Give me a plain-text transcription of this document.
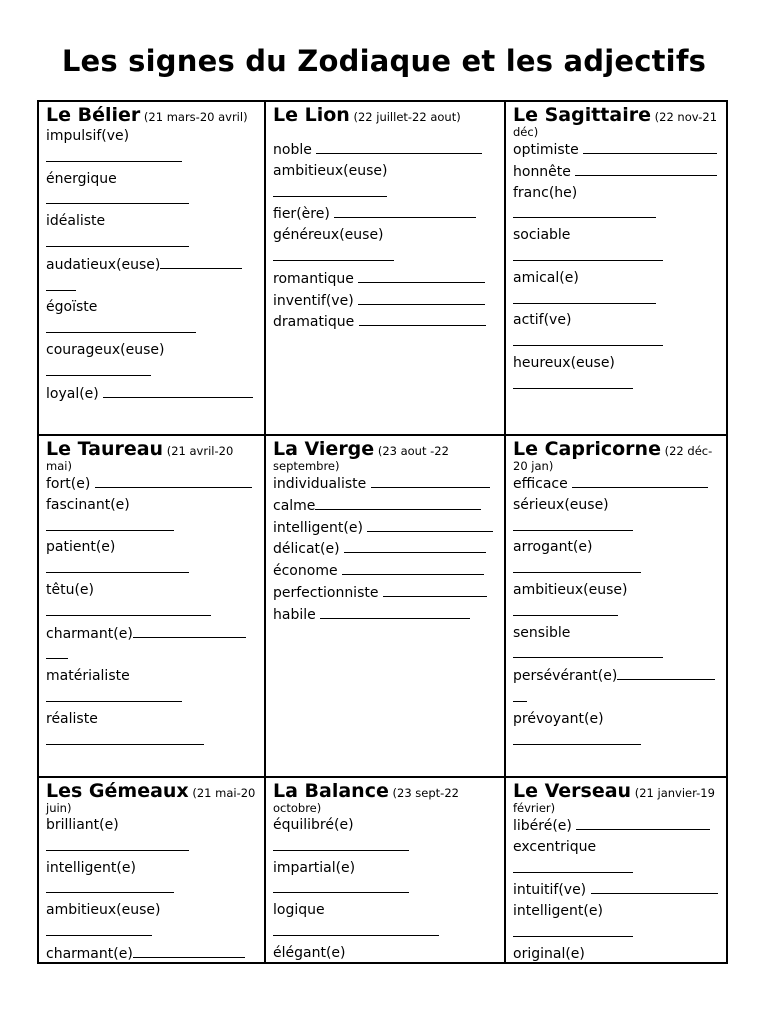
Les signes du Zodiaque et les adjectifs
Le Bélier (21 mars-20 avril)
impulsif(ve)
énergique
idéaliste
audatieux(euse)
égoïste
courageux(euse)
loyal(e)
Le Lion (22 juillet-22 aout)
noble
ambitieux(euse)
fier(ère)
généreux(euse)
romantique
inventif(ve)
dramatique
Le Sagittaire (22 nov-21 déc)
optimiste
honnête
franc(he)
sociable
amical(e)
actif(ve)
heureux(euse)
Le Taureau (21 avril-20 mai)
fort(e)
fascinant(e)
patient(e)
têtu(e)
charmant(e)
matérialiste
réaliste
La Vierge (23 aout -22 septembre)
individualiste
calme
intelligent(e)
délicat(e)
économe
perfectionniste
habile
Le Capricorne (22 déc-20 jan)
efficace
sérieux(euse)
arrogant(e)
ambitieux(euse)
sensible
persévérant(e)
prévoyant(e)
Les Gémeaux (21 mai-20 juin)
brilliant(e)
intelligent(e)
ambitieux(euse)
charmant(e)
La Balance (23 sept-22 octobre)
équilibré(e)
impartial(e)
logique
élégant(e)
Le Verseau (21 janvier-19 février)
libéré(e)
excentrique
intuitif(ve)
intelligent(e)
original(e)
